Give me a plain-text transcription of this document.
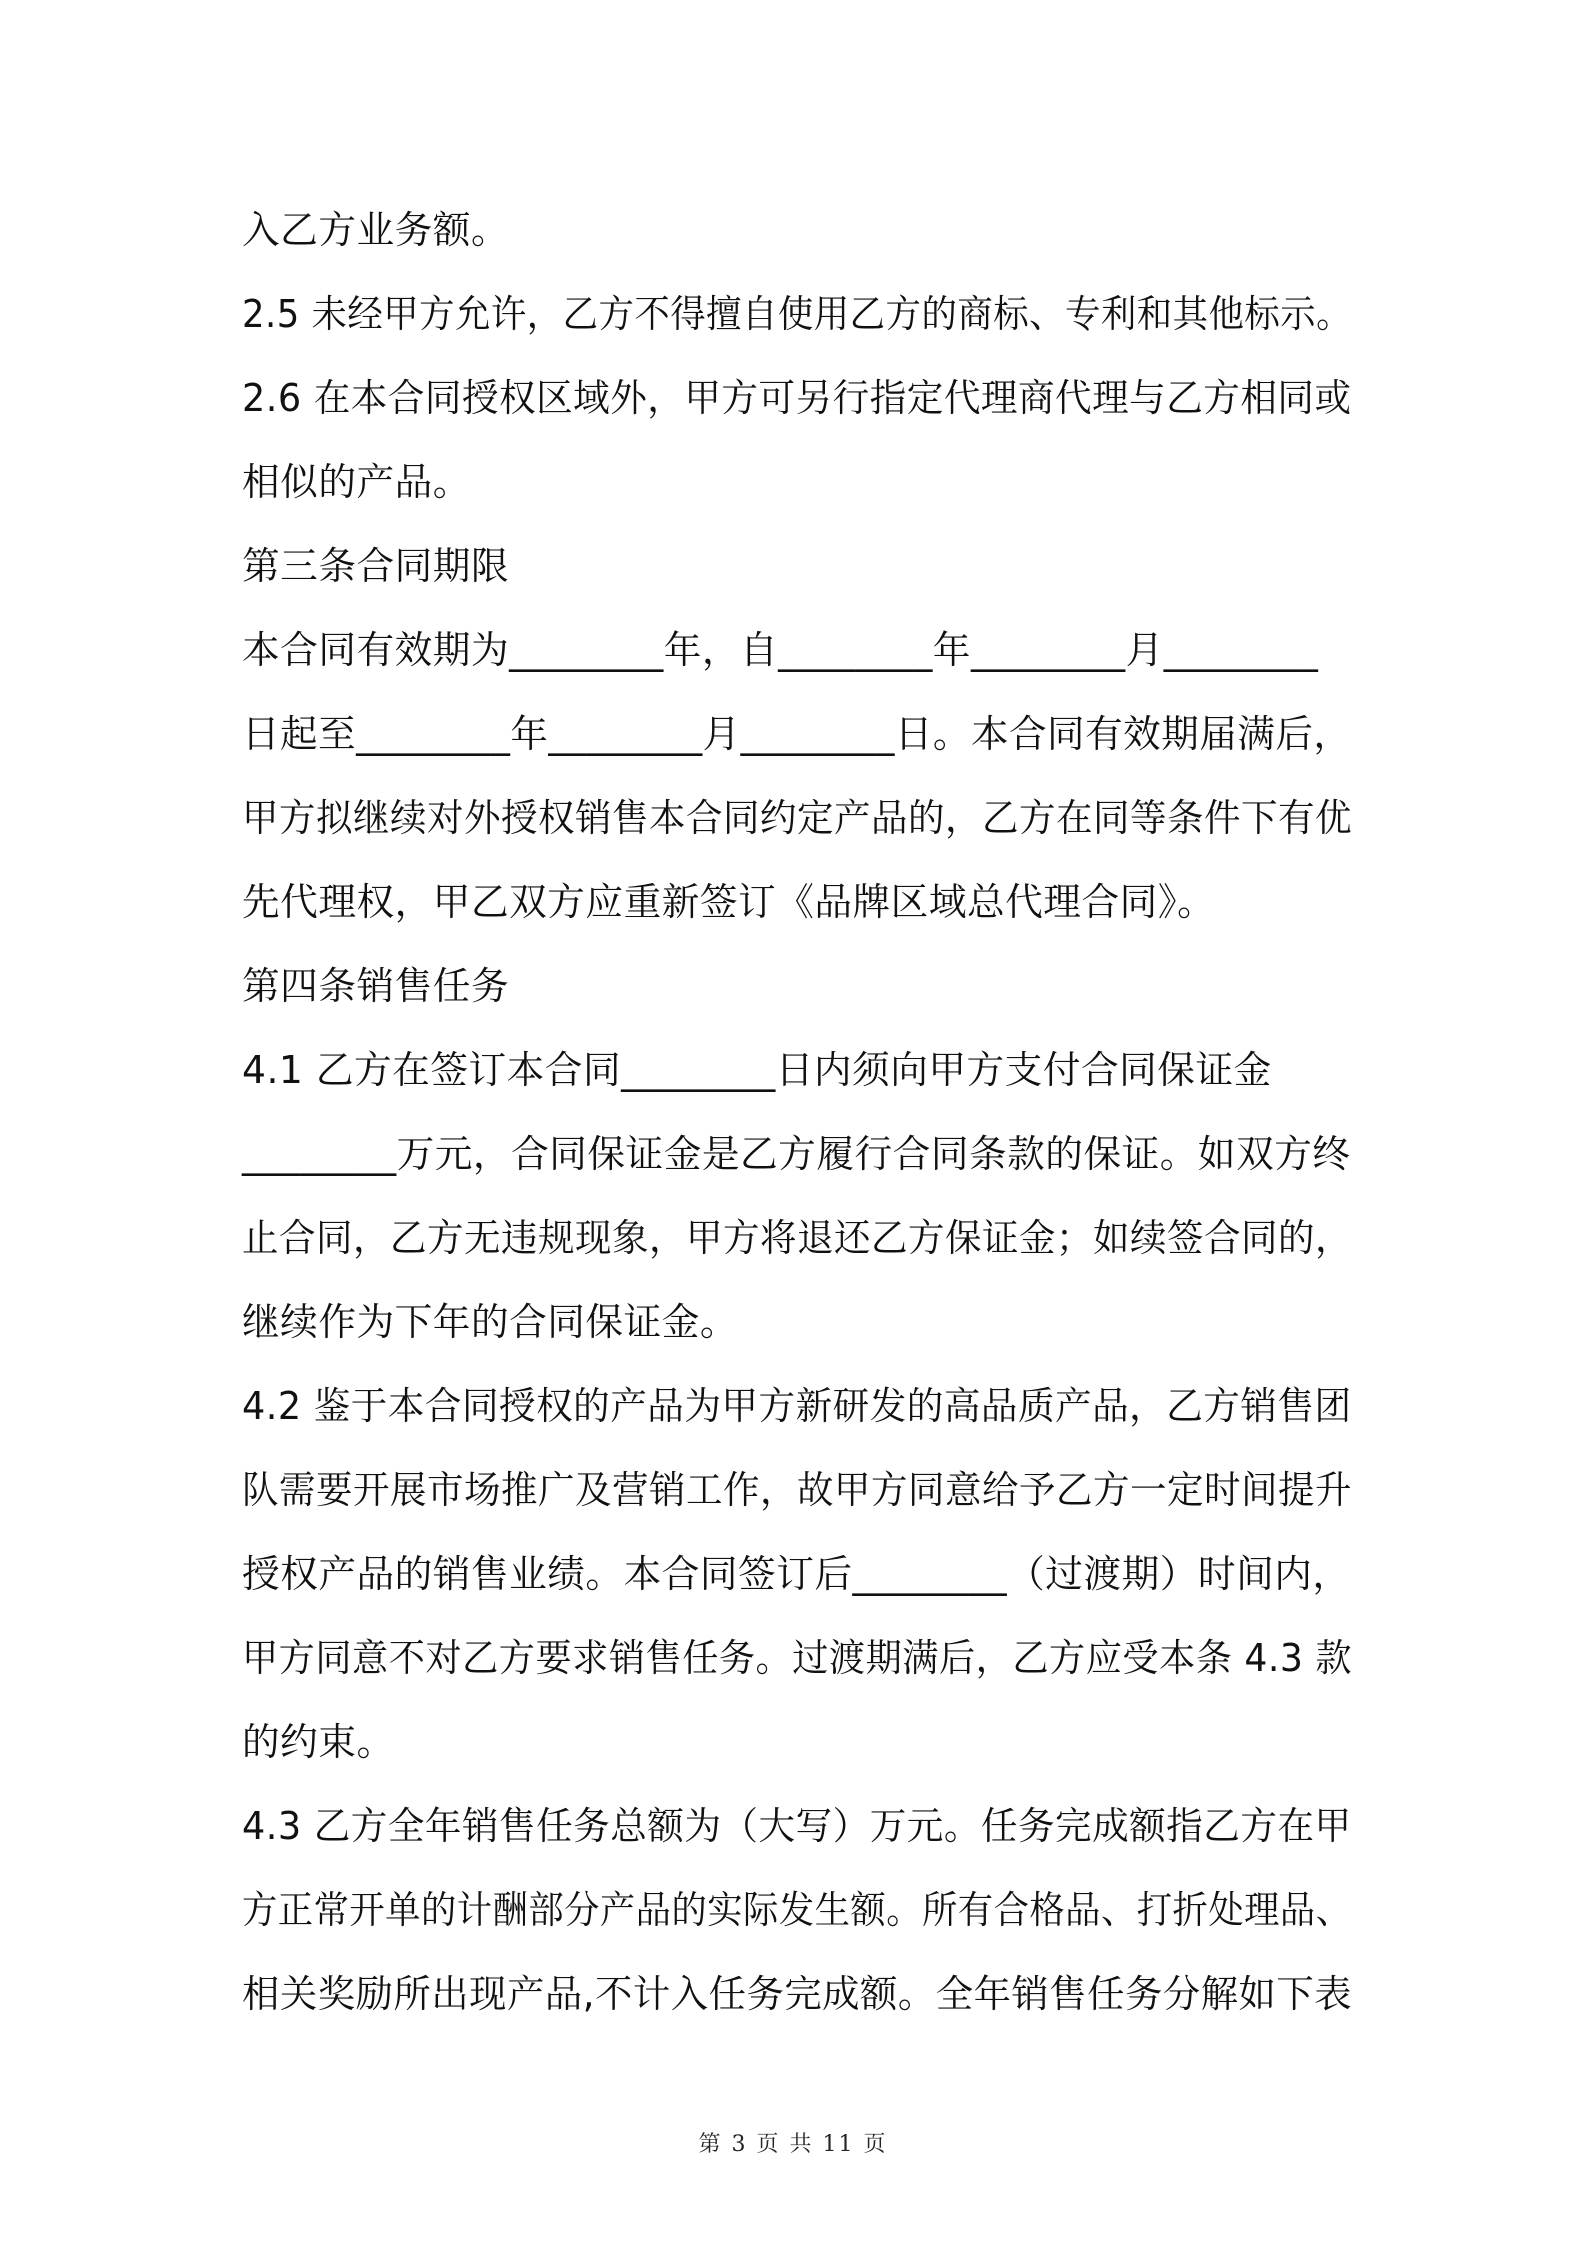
入乙方业务额。
2.5 未经甲方允许，乙方不得擅自使用乙方的商标、专利和其他标示。
2.6 在本合同授权区域外，甲方可另行指定代理商代理与乙方相同或
相似的产品。
第三条合同期限
本合同有效期为________年，自________年________月________
日起至________年________月________日。本合同有效期届满后，
甲方拟继续对外授权销售本合同约定产品的，乙方在同等条件下有优
先代理权，甲乙双方应重新签订《品牌区域总代理合同》。
第四条销售任务
4.1 乙方在签订本合同________日内须向甲方支付合同保证金
________万元，合同保证金是乙方履行合同条款的保证。如双方终
止合同，乙方无违规现象，甲方将退还乙方保证金；如续签合同的，
继续作为下年的合同保证金。
4.2 鉴于本合同授权的产品为甲方新研发的高品质产品，乙方销售团
队需要开展市场推广及营销工作，故甲方同意给予乙方一定时间提升
授权产品的销售业绩。本合同签订后________（过渡期）时间内，
甲方同意不对乙方要求销售任务。过渡期满后，乙方应受本条 4.3 款
的约束。
4.3 乙方全年销售任务总额为（大写）万元。任务完成额指乙方在甲
方正常开单的计酬部分产品的实际发生额。所有合格品、打折处理品、
相关奖励所出现产品,不计入任务完成额。全年销售任务分解如下表
第 3 页 共 11 页
